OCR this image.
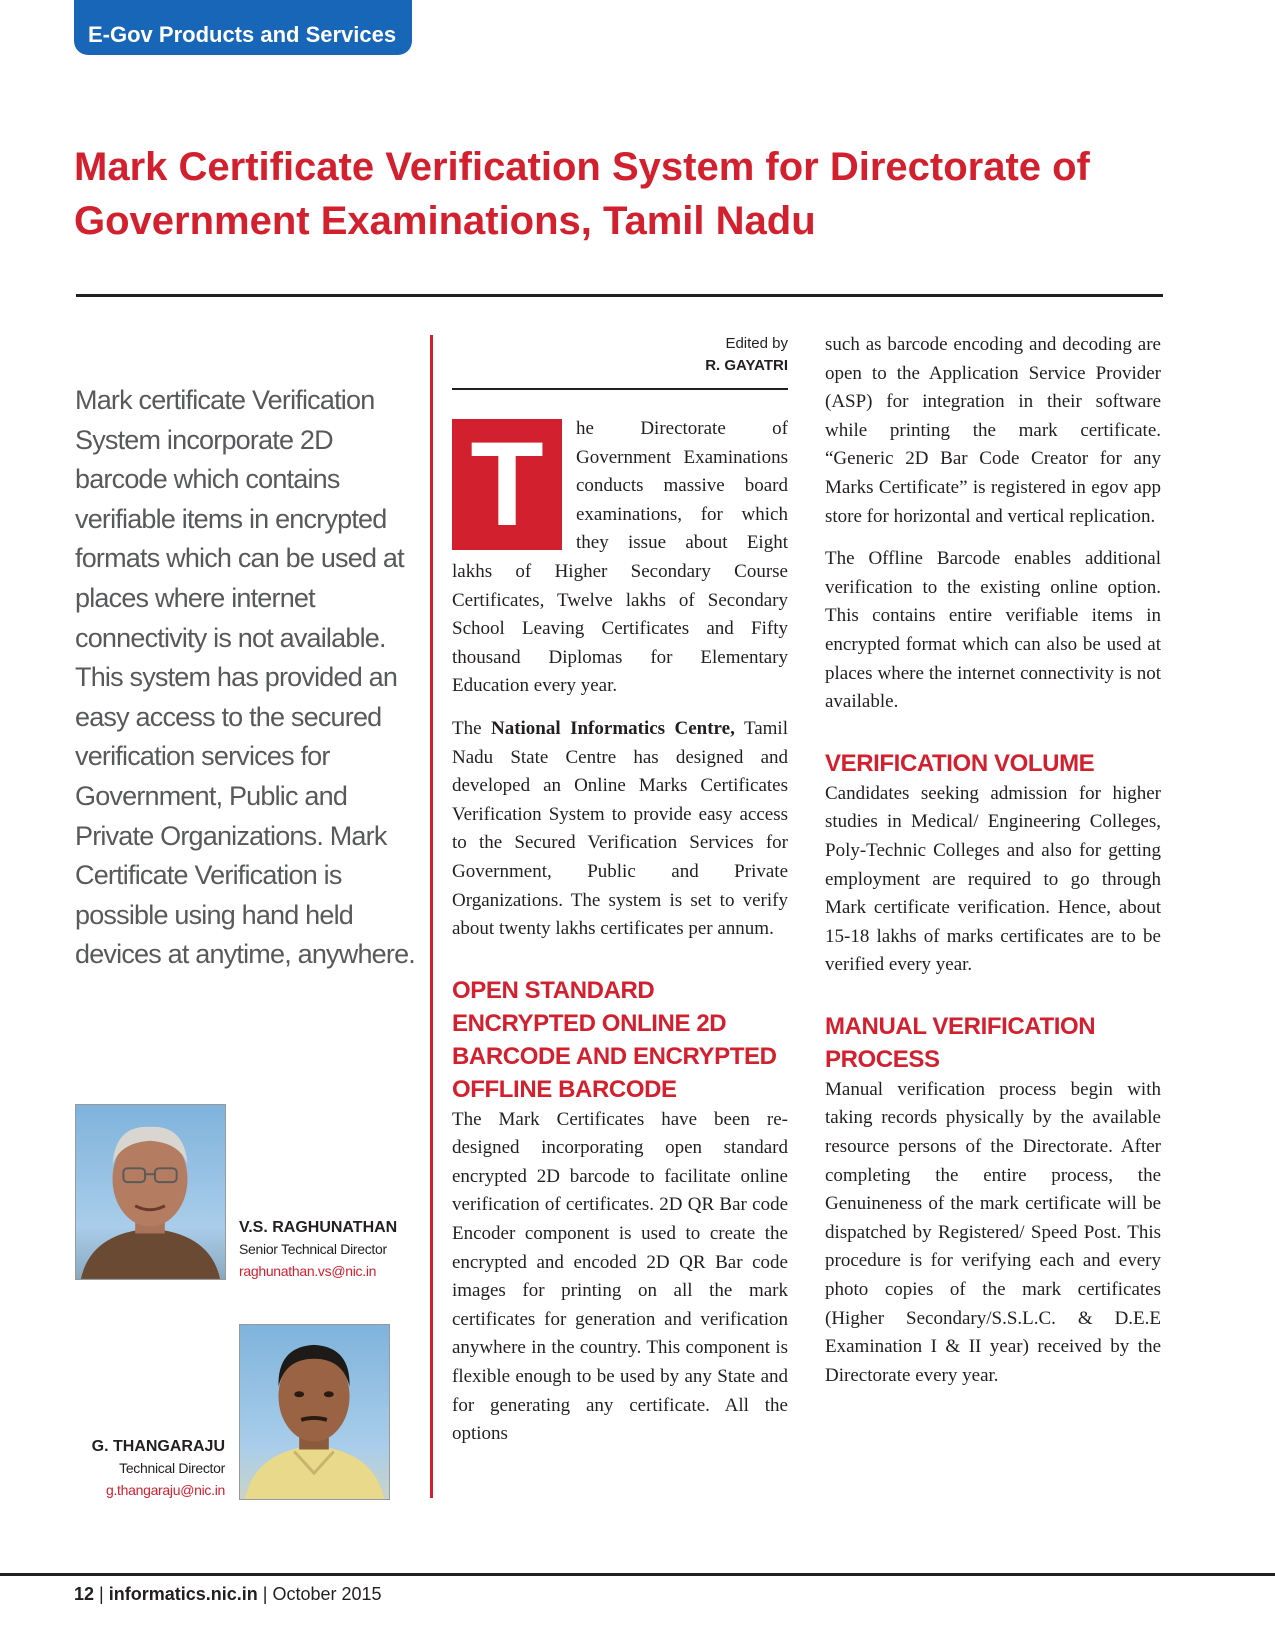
E-Gov Products and Services
Mark Certificate Verification System for Directorate of Government Examinations, Tamil Nadu

Mark certificate Verification System incorporate 2D barcode which contains verifiable items in encrypted formats which can be used at places where internet connectivity is not available. This system has provided an easy access to the secured verification services for Government, Public and Private Organizations. Mark Certificate Verification is possible using hand held devices at anytime, anywhere.

V.S. RAGHUNATHAN
Senior Technical Director
raghunathan.vs@nic.in
G. THANGARAJU
Technical Director
g.thangaraju@nic.in
Edited by
R. GAYATRI

T	he Directorate of Government Examinations conducts massive board examinations, for which they issue about Eight lakhs of Higher Secondary Course Certificates, Twelve lakhs of Secondary School Leaving Certificates and Fifty thousand Diplomas for Elementary Education every year.

The National Informatics Centre, Tamil Nadu State Centre has designed and developed an Online Marks Certificates Verification System to provide easy access to the Secured Verification Services for Government, Public and Private Organizations. The system is set to verify about twenty lakhs certificates per annum.

OPEN STANDARD ENCRYPTED ONLINE 2D BARCODE AND ENCRYPTED OFFLINE BARCODE

The Mark Certificates have been re-designed incorporating open standard encrypted 2D barcode to facilitate online verification of certificates. 2D QR Bar code Encoder component is used to create the encrypted and encoded 2D QR Bar code images for printing on all the mark certificates for generation and verification anywhere in the country. This component is flexible enough to be used by any State and for generating any certificate. All the options

such as barcode encoding and decoding are open to the Application Service Provider (ASP) for integration in their software while printing the mark certificate. “Generic 2D Bar Code Creator for any Marks Certificate” is registered in egov app store for horizontal and vertical replication.

The Offline Barcode enables additional verification to the existing online option. This contains entire verifiable items in encrypted format which can also be used at places where the internet connectivity is not available.

VERIFICATION VOLUME

Candidates seeking admission for higher studies in Medical/ Engineering Colleges, Poly-Technic Colleges and also for getting employment are required to go through Mark certificate verification. Hence, about 15-18 lakhs of marks certificates are to be verified every year.

MANUAL VERIFICATION PROCESS

Manual verification process begin with taking records physically by the available resource persons of the Directorate. After completing the entire process, the Genuineness of the mark certificate will be dispatched by Registered/ Speed Post. This procedure is for verifying each and every photo copies of the mark certificates (Higher Secondary/S.S.L.C. & D.E.E Examination I & II year) received by the Directorate every year.

12 | informatics.nic.in | October 2015
